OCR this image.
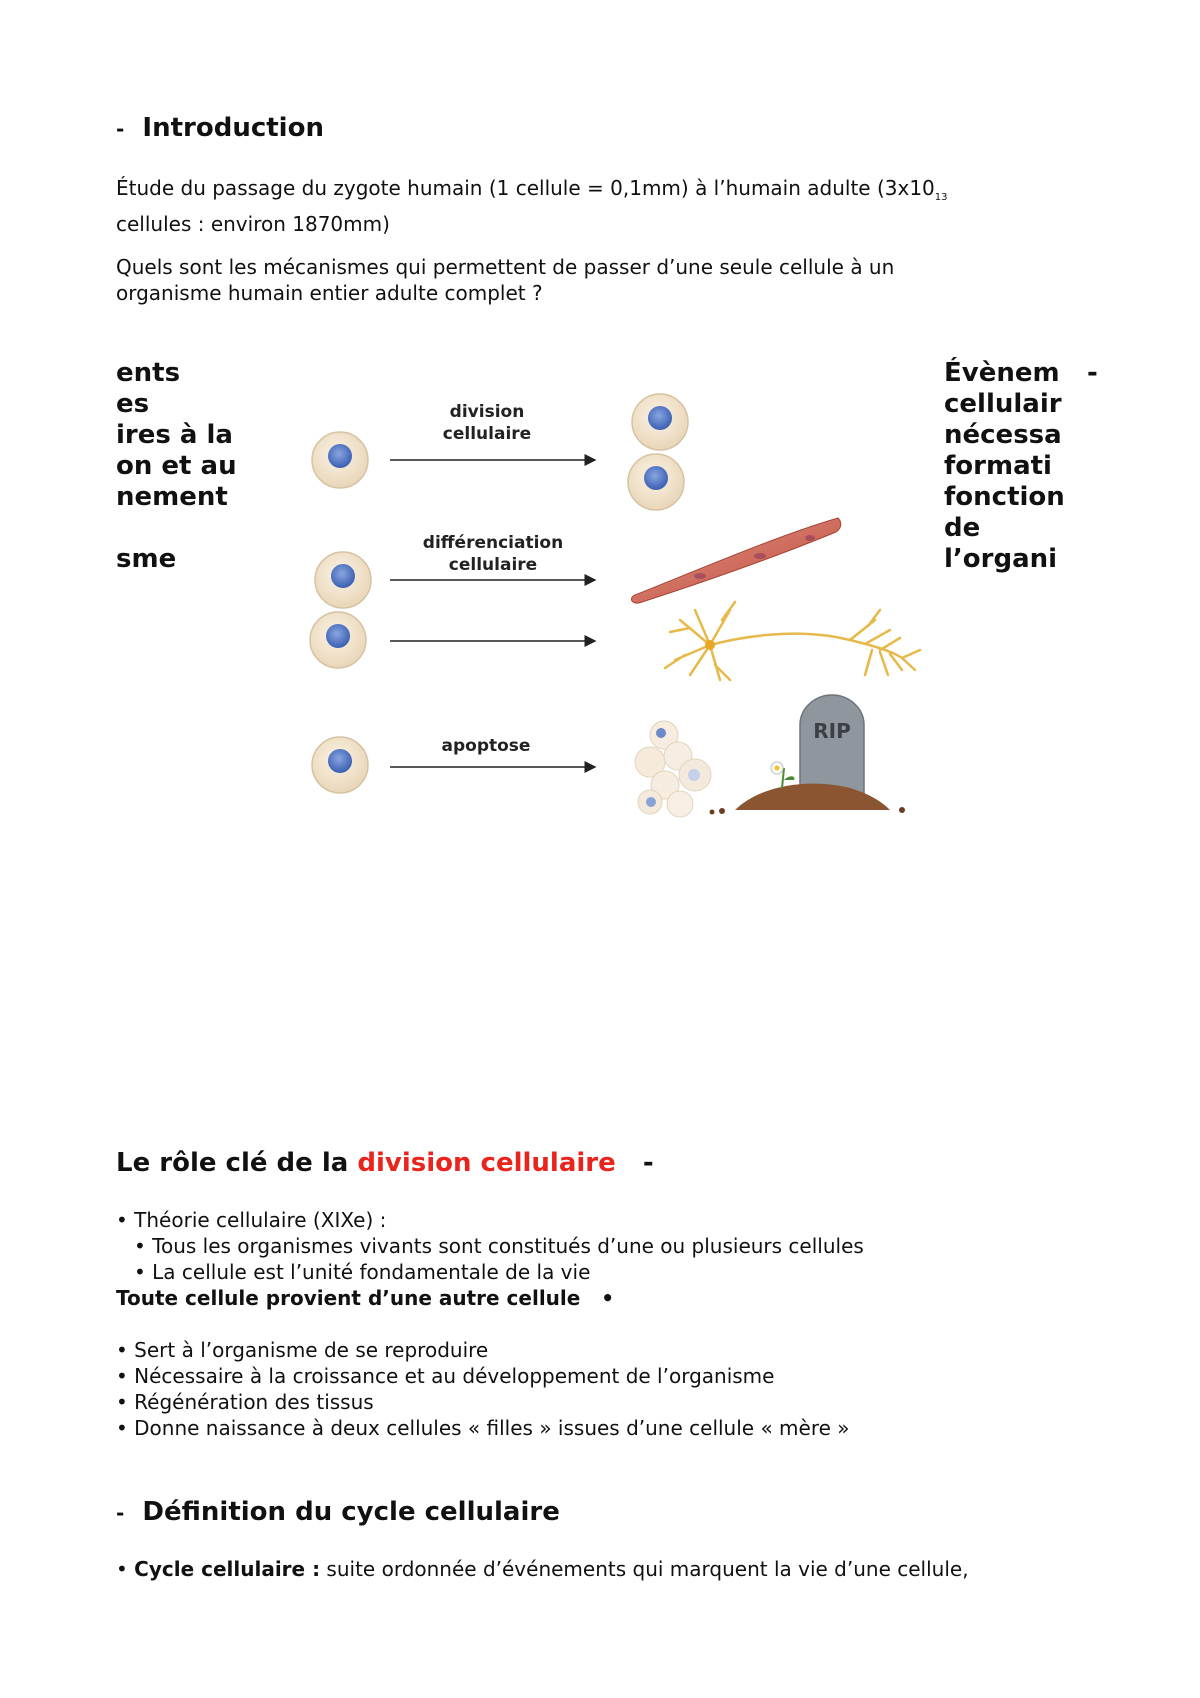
- Introduction
Étude du passage du zygote humain (1 cellule = 0,1mm) à l’humain adulte ($3x10_{13}$
cellules : environ 1870mm)
Quels sont les mécanismes qui permettent de passer d’une seule cellule à un
organisme humain entier adulte complet ?
ents
es
ires à la
on et au
nement
sme
Évènem
cellulair
nécessa
formati
fonction
de
l’organi
-
division
cellulaire
différenciation
cellulaire
apoptose
RIP
Le rôle clé de la division cellulaire -
• Théorie cellulaire (XIXe) :
• Tous les organismes vivants sont constitués d’une ou plusieurs cellules
• La cellule est l’unité fondamentale de la vie
Toute cellule provient d’une autre cellule •
• Sert à l’organisme de se reproduire
• Nécessaire à la croissance et au développement de l’organisme
• Régénération des tissus
• Donne naissance à deux cellules « filles » issues d’une cellule « mère »
- Définition du cycle cellulaire
• Cycle cellulaire : suite ordonnée d’événements qui marquent la vie d’une cellule,
